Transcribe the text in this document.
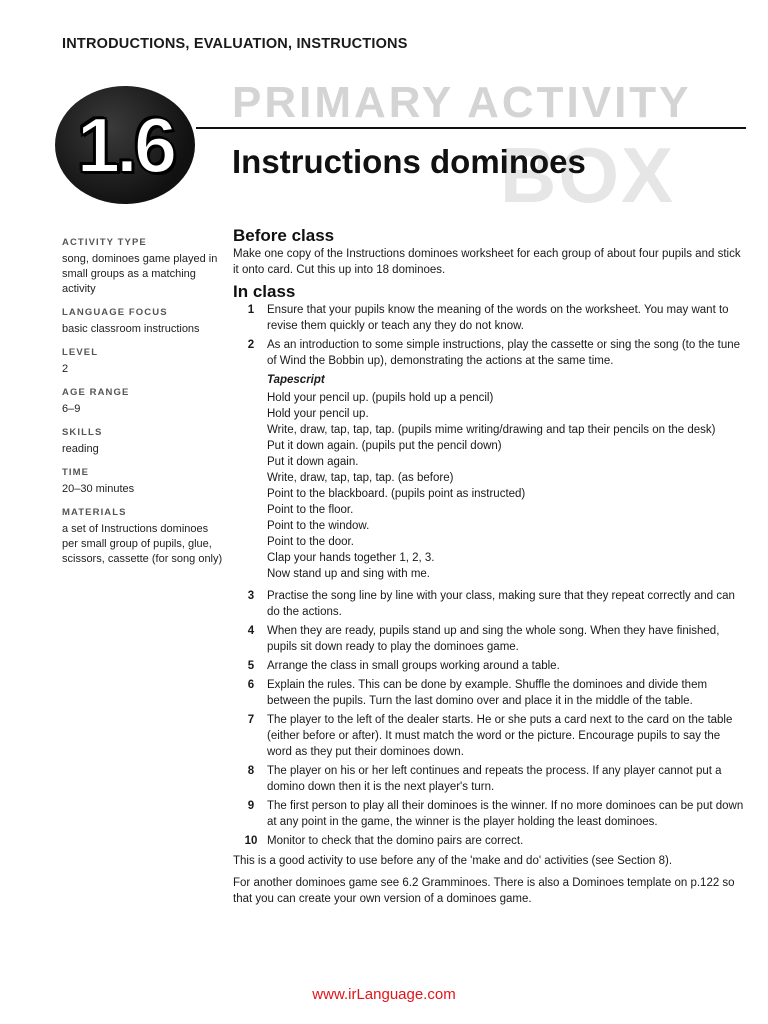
INTRODUCTIONS, EVALUATION, INSTRUCTIONS
PRIMARY ACTIVITY
BOX
1.6	Instructions dominoes
ACTIVITY TYPE
song, dominoes game played in small groups as a matching activity
LANGUAGE FOCUS
basic classroom instructions
LEVEL
2
AGE RANGE
6–9
SKILLS
reading
TIME
20–30 minutes
MATERIALS
a set of Instructions dominoes per small group of pupils, glue, scissors, cassette (for song only)
Before class
Make one copy of the Instructions dominoes worksheet for each group of about four pupils and stick it onto card. Cut this up into 18 dominoes.
In class
1	Ensure that your pupils know the meaning of the words on the worksheet. You may want to revise them quickly or teach any they do not know.
2	As an introduction to some simple instructions, play the cassette or sing the song (to the tune of Wind the Bobbin up), demonstrating the actions at the same time.
Tapescript
Hold your pencil up. (pupils hold up a pencil)
Hold your pencil up.
Write, draw, tap, tap, tap. (pupils mime writing/drawing and tap their pencils on the desk)
Put it down again. (pupils put the pencil down)
Put it down again.
Write, draw, tap, tap, tap. (as before)
Point to the blackboard. (pupils point as instructed)
Point to the floor.
Point to the window.
Point to the door.
Clap your hands together 1, 2, 3.
Now stand up and sing with me.
3	Practise the song line by line with your class, making sure that they repeat correctly and can do the actions.
4	When they are ready, pupils stand up and sing the whole song. When they have finished, pupils sit down ready to play the dominoes game.
5	Arrange the class in small groups working around a table.
6	Explain the rules. This can be done by example. Shuffle the dominoes and divide them between the pupils. Turn the last domino over and place it in the middle of the table.
7	The player to the left of the dealer starts. He or she puts a card next to the card on the table (either before or after). It must match the word or the picture. Encourage pupils to say the word as they put their dominoes down.
8	The player on his or her left continues and repeats the process. If any player cannot put a domino down then it is the next player's turn.
9	The first person to play all their dominoes is the winner. If no more dominoes can be put down at any point in the game, the winner is the player holding the least dominoes.
10 Monitor to check that the domino pairs are correct.
This is a good activity to use before any of the 'make and do' activities (see Section 8).
For another dominoes game see 6.2 Gramminoes. There is also a Dominoes template on p.122 so that you can create your own version of a dominoes game.
www.irLanguage.com
